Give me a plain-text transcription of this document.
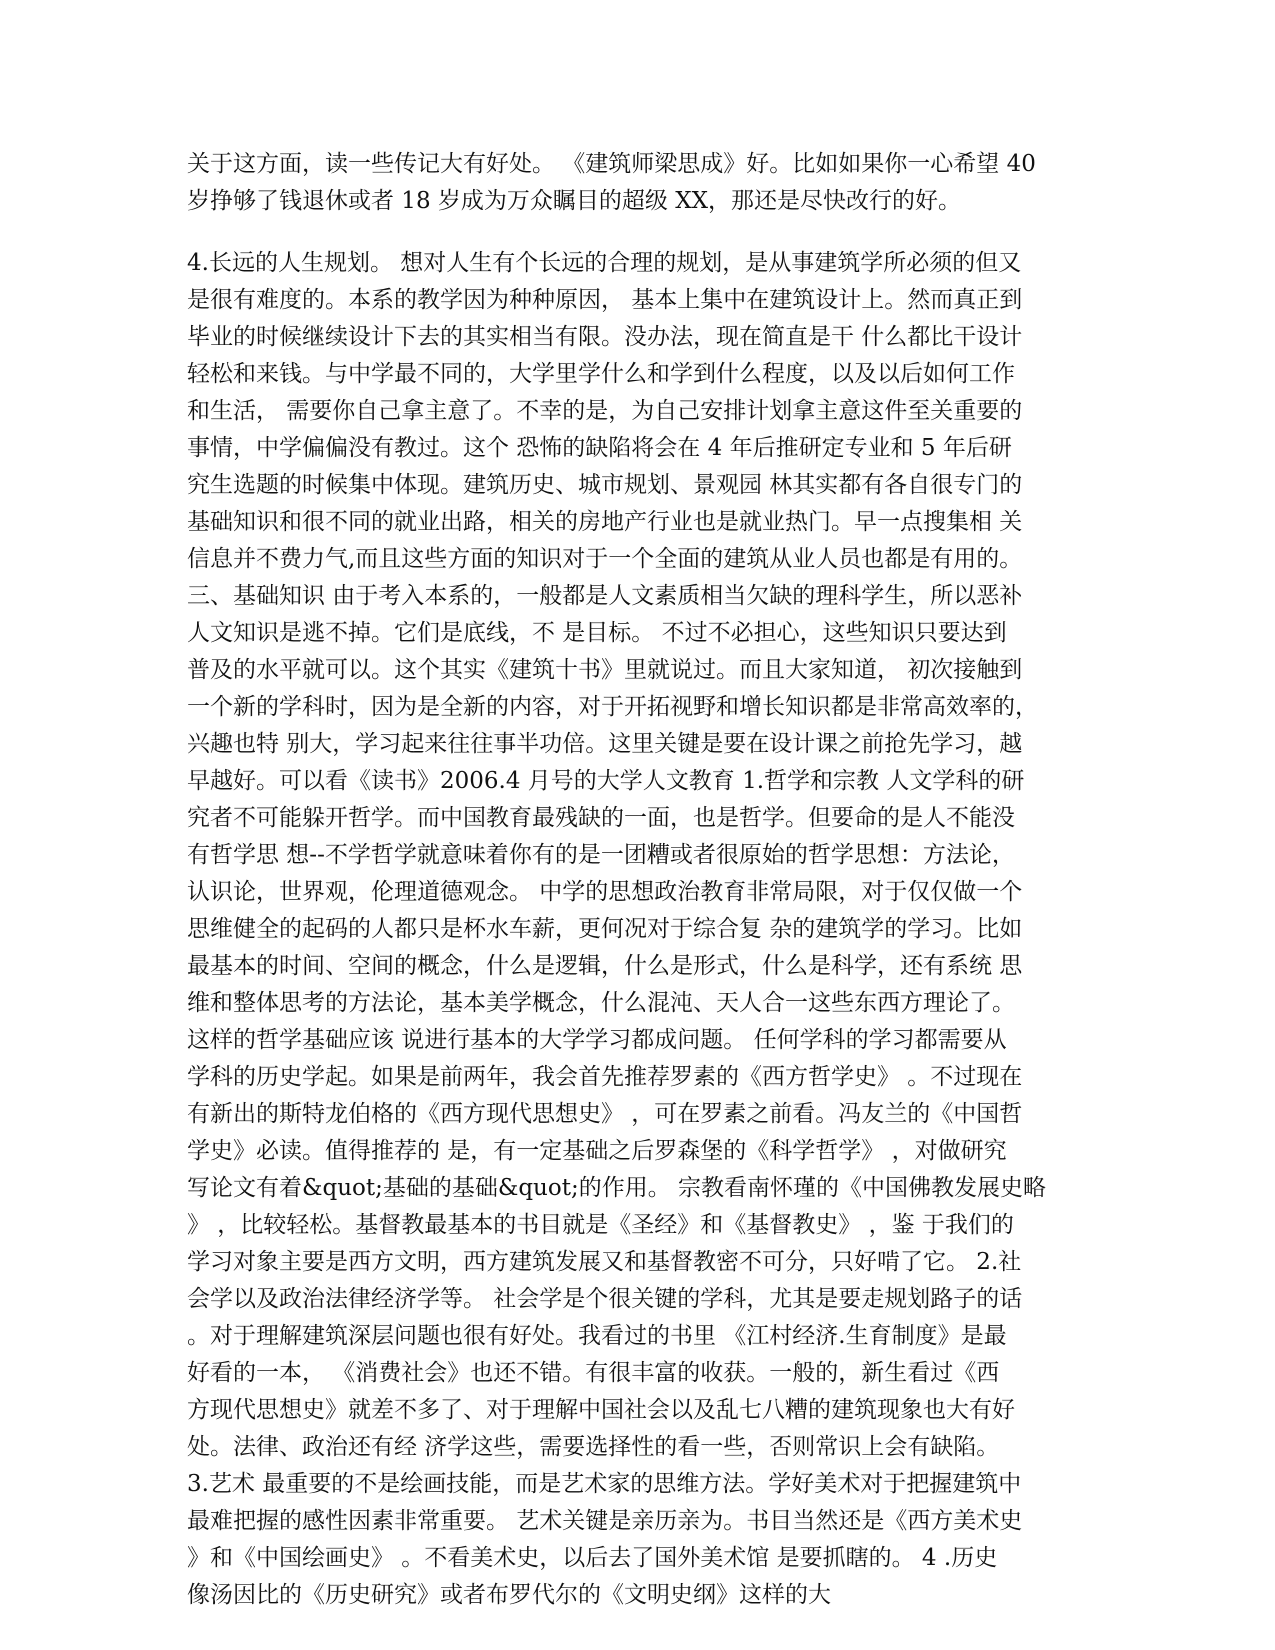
关于这方面，读一些传记大有好处。 《建筑师梁思成》好。比如如果你一心希望 40
岁挣够了钱退休或者 18 岁成为万众瞩目的超级 XX，那还是尽快改行的好。
4.长远的人生规划。 想对人生有个长远的合理的规划，是从事建筑学所必须的但又
是很有难度的。本系的教学因为种种原因， 基本上集中在建筑设计上。然而真正到
毕业的时候继续设计下去的其实相当有限。没办法，现在简直是干 什么都比干设计
轻松和来钱。与中学最不同的，大学里学什么和学到什么程度，以及以后如何工作
和生活， 需要你自己拿主意了。不幸的是，为自己安排计划拿主意这件至关重要的
事情，中学偏偏没有教过。这个 恐怖的缺陷将会在 4 年后推研定专业和 5 年后研
究生选题的时候集中体现。建筑历史、城市规划、景观园 林其实都有各自很专门的
基础知识和很不同的就业出路，相关的房地产行业也是就业热门。早一点搜集相 关
信息并不费力气,而且这些方面的知识对于一个全面的建筑从业人员也都是有用的。
三、基础知识 由于考入本系的，一般都是人文素质相当欠缺的理科学生，所以恶补
人文知识是逃不掉。它们是底线，不 是目标。 不过不必担心，这些知识只要达到
普及的水平就可以。这个其实《建筑十书》里就说过。而且大家知道， 初次接触到
一个新的学科时，因为是全新的内容，对于开拓视野和增长知识都是非常高效率的，
兴趣也特 别大，学习起来往往事半功倍。这里关键是要在设计课之前抢先学习，越
早越好。可以看《读书》2006.4 月号的大学人文教育 1.哲学和宗教 人文学科的研
究者不可能躲开哲学。而中国教育最残缺的一面，也是哲学。但要命的是人不能没
有哲学思 想--不学哲学就意味着你有的是一团糟或者很原始的哲学思想：方法论，
认识论，世界观，伦理道德观念。 中学的思想政治教育非常局限，对于仅仅做一个
思维健全的起码的人都只是杯水车薪，更何况对于综合复 杂的建筑学的学习。比如
最基本的时间、空间的概念，什么是逻辑，什么是形式，什么是科学，还有系统 思
维和整体思考的方法论，基本美学概念，什么混沌、天人合一这些东西方理论了。
这样的哲学基础应该 说进行基本的大学学习都成问题。 任何学科的学习都需要从
学科的历史学起。如果是前两年，我会首先推荐罗素的《西方哲学史》 。不过现在
有新出的斯特龙伯格的《西方现代思想史》 ，可在罗素之前看。冯友兰的《中国哲
学史》必读。值得推荐的 是，有一定基础之后罗森堡的《科学哲学》 ，对做研究
写论文有着&quot;基础的基础&quot;的作用。 宗教看南怀瑾的《中国佛教发展史略
》 ，比较轻松。基督教最基本的书目就是《圣经》和《基督教史》 ，鉴 于我们的
学习对象主要是西方文明，西方建筑发展又和基督教密不可分，只好啃了它。 2.社
会学以及政治法律经济学等。 社会学是个很关键的学科，尤其是要走规划路子的话
。对于理解建筑深层问题也很有好处。我看过的书里 《江村经济.生育制度》是最
好看的一本， 《消费社会》也还不错。有很丰富的收获。一般的，新生看过《西
方现代思想史》就差不多了、对于理解中国社会以及乱七八糟的建筑现象也大有好
处。法律、政治还有经 济学这些，需要选择性的看一些，否则常识上会有缺陷。
3.艺术 最重要的不是绘画技能，而是艺术家的思维方法。学好美术对于把握建筑中
最难把握的感性因素非常重要。 艺术关键是亲历亲为。书目当然还是《西方美术史
》和《中国绘画史》 。不看美术史，以后去了国外美术馆 是要抓瞎的。 4 .历史
像汤因比的《历史研究》或者布罗代尔的《文明史纲》这样的大
